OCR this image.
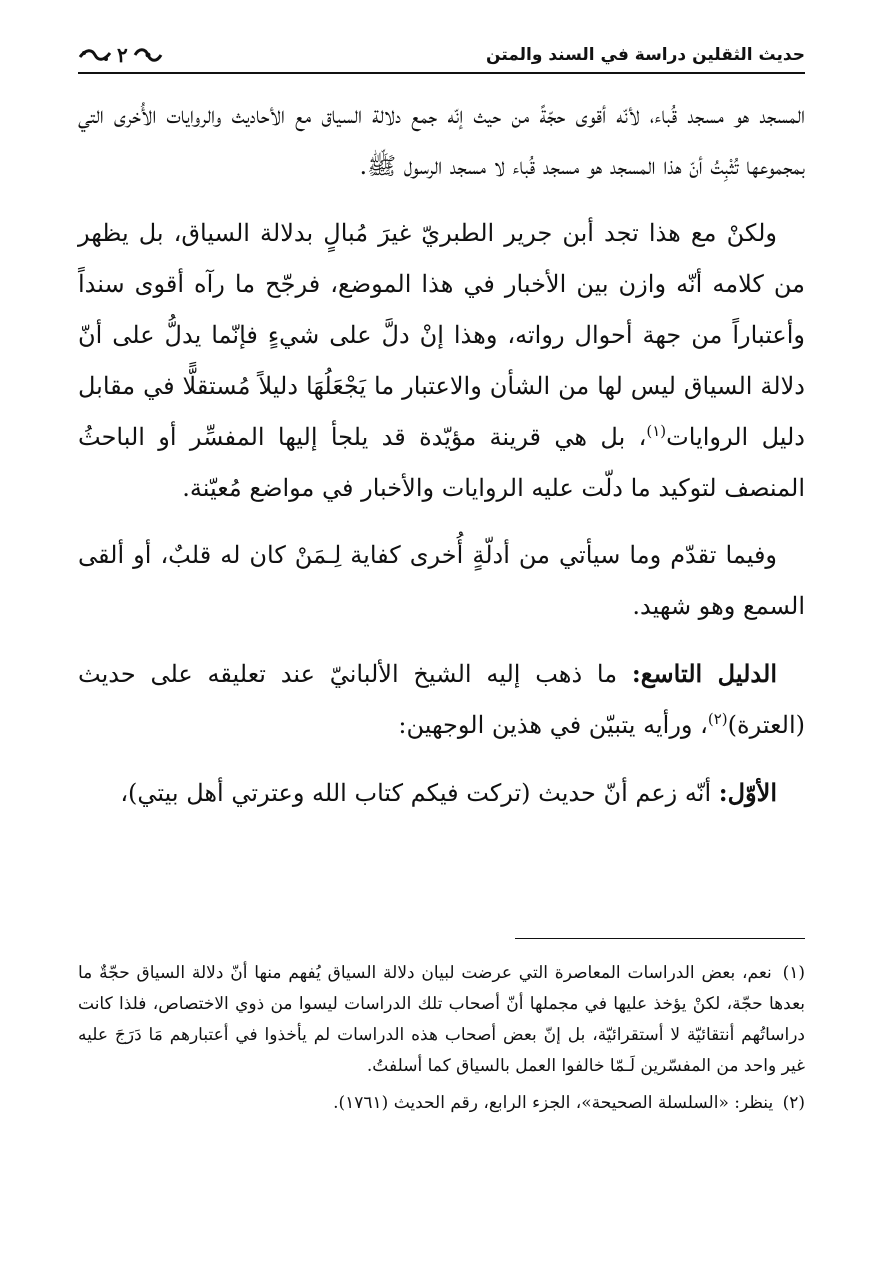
حديث الثقلين دراسة في السند والمتن
٢

المسجد هو مسجد قُباء، لأنّه أقوى حجّةً من حيث إنّه جمع دلالة السياق مع الأحاديث والروايات الأُخرى التي بمجموعها تُثْبِتُ أنّ هذا المسجد هو مسجد قُباء لا مسجد الرسول ﷺ.

ولكنْ مع هذا تجد أبن جرير الطبريّ غيرَ مُبالٍ بدلالة السياق، بل يظهر من كلامه أنّه وازن بين الأخبار في هذا الموضع، فرجّح ما رآه أقوى سنداً وأعتباراً من جهة أحوال رواته، وهذا إنْ دلَّ على شيءٍ فإنّما يدلُّ على أنّ دلالة السياق ليس لها من الشأن والاعتبار ما يَجْعَلُهَا دليلاً مُستقلًّا في مقابل دليل الروايات$^{(١)}$، بل هي قرينة مؤيّدة قد يلجأ إليها المفسِّر أو الباحثُ المنصف لتوكيد ما دلّت عليه الروايات والأخبار في مواضع مُعيّنة.

وفيما تقدّم وما سيأتي من أدلّةٍ أُخرى كفاية لِـمَنْ كان له قلبٌ، أو ألقى السمع وهو شهيد.

الدليل التاسع: ما ذهب إليه الشيخ الألبانيّ عند تعليقه على حديث (العترة)$^{(٢)}$، ورأيه يتبيّن في هذين الوجهين:

الأوّل: أنّه زعم أنّ حديث (تركت فيكم كتاب الله وعترتي أهل بيتي)،

(١) نعم، بعض الدراسات المعاصرة التي عرضت لبيان دلالة السياق يُفهم منها أنّ دلالة السياق حجّةٌ ما بعدها حجّة، لكنْ يؤخذ عليها في مجملها أنّ أصحاب تلك الدراسات ليسوا من ذوي الاختصاص، فلذا كانت دراساتُهم أنتقائيّة لا أستقرائيّة، بل إنّ بعض أصحاب هذه الدراسات لم يأخذوا في أعتبارهم مَا دَرَجَ عليه غير واحد من المفسّرين لَـمّا خالفوا العمل بالسياق كما أسلفتُ.

(٢) ينظر: «السلسلة الصحيحة»، الجزء الرابع، رقم الحديث (١٧٦١).
